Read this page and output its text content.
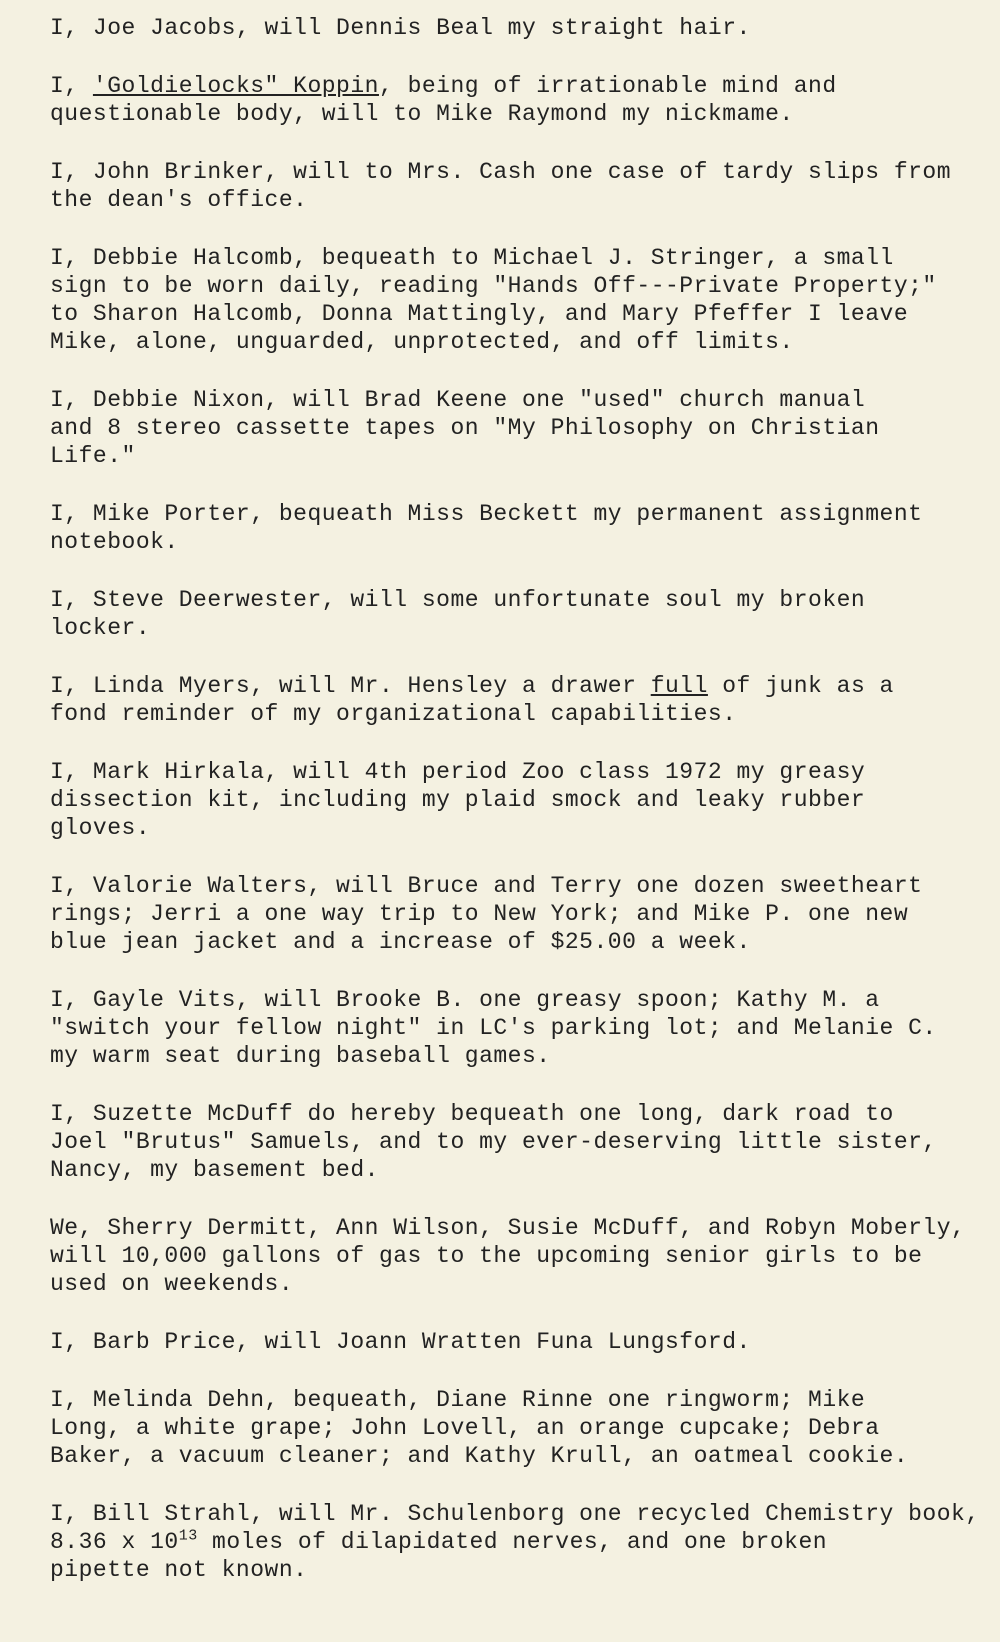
I, Joe Jacobs, will Dennis Beal my straight hair.

I, 'Goldielocks" Koppin, being of irrationable mind and
questionable body, will to Mike Raymond my nickmame.

I, John Brinker, will to Mrs. Cash one case of tardy slips from
the dean's office.

I, Debbie Halcomb, bequeath to Michael J. Stringer, a small
sign to be worn daily, reading "Hands Off---Private Property;"
to Sharon Halcomb, Donna Mattingly, and Mary Pfeffer I leave
Mike, alone, unguarded, unprotected, and off limits.

I, Debbie Nixon, will Brad Keene one "used" church manual
and 8 stereo cassette tapes on "My Philosophy on Christian
Life."

I, Mike Porter, bequeath Miss Beckett my permanent assignment
notebook.

I, Steve Deerwester, will some unfortunate soul my broken
locker.

I, Linda Myers, will Mr. Hensley a drawer full of junk as a
fond reminder of my organizational capabilities.

I, Mark Hirkala, will 4th period Zoo class 1972 my greasy
dissection kit, including my plaid smock and leaky rubber
gloves.

I, Valorie Walters, will Bruce and Terry one dozen sweetheart
rings; Jerri a one way trip to New York; and Mike P. one new
blue jean jacket and a increase of $25.00 a week.

I, Gayle Vits, will Brooke B. one greasy spoon; Kathy M. a
"switch your fellow night" in LC's parking lot; and Melanie C.
my warm seat during baseball games.

I, Suzette McDuff do hereby bequeath one long, dark road to
Joel "Brutus" Samuels, and to my ever-deserving little sister,
Nancy, my basement bed.

We, Sherry Dermitt, Ann Wilson, Susie McDuff, and Robyn Moberly,
will 10,000 gallons of gas to the upcoming senior girls to be
used on weekends.

I, Barb Price, will Joann Wratten Funa Lungsford.

I, Melinda Dehn, bequeath, Diane Rinne one ringworm; Mike
Long, a white grape; John Lovell, an orange cupcake; Debra
Baker, a vacuum cleaner; and Kathy Krull, an oatmeal cookie.

I, Bill Strahl, will Mr. Schulenborg one recycled Chemistry book,
8.36 x $10^{13}$ moles of dilapidated nerves, and one broken
pipette not known.
